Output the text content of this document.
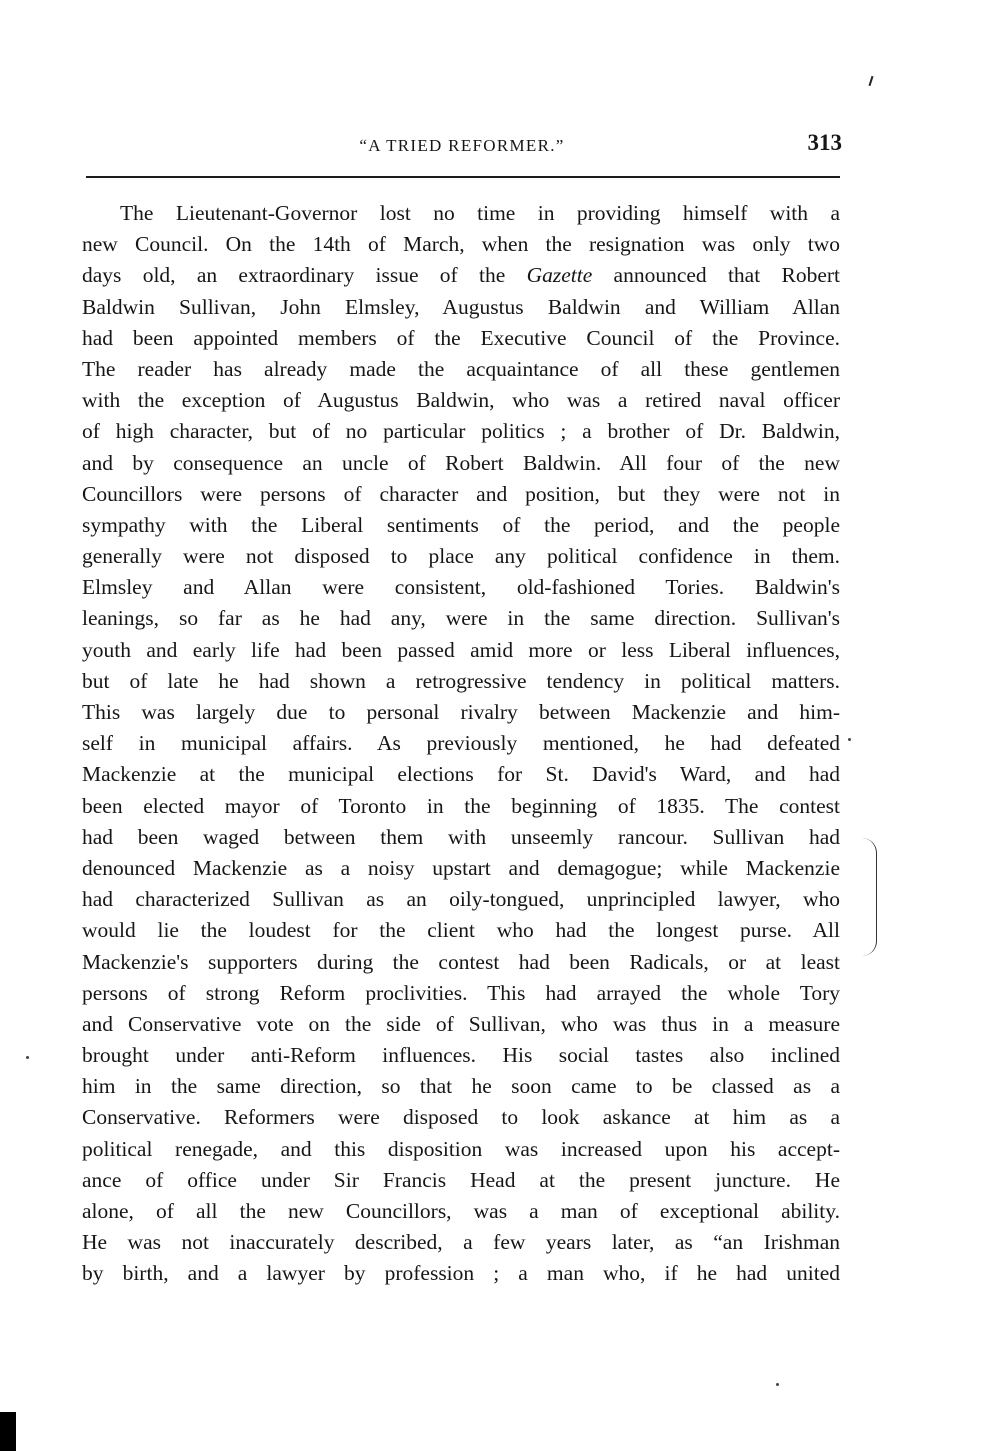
“A TRIED REFORMER.”	313
The Lieutenant-Governor lost no time in providing himself with a
new Council. On the 14th of March, when the resignation was only two
days old, an extraordinary issue of the Gazette announced that Robert
Baldwin Sullivan, John Elmsley, Augustus Baldwin and William Allan
had been appointed members of the Executive Council of the Province.
The reader has already made the acquaintance of all these gentlemen
with the exception of Augustus Baldwin, who was a retired naval officer
of high character, but of no particular politics ; a brother of Dr. Baldwin,
and by consequence an uncle of Robert Baldwin. All four of the new
Councillors were persons of character and position, but they were not in
sympathy with the Liberal sentiments of the period, and the people
generally were not disposed to place any political confidence in them.
Elmsley and Allan were consistent, old-fashioned Tories. Baldwin's
leanings, so far as he had any, were in the same direction. Sullivan's
youth and early life had been passed amid more or less Liberal influences,
but of late he had shown a retrogressive tendency in political matters.
This was largely due to personal rivalry between Mackenzie and him-
self in municipal affairs. As previously mentioned, he had defeated
Mackenzie at the municipal elections for St. David's Ward, and had
been elected mayor of Toronto in the beginning of 1835. The contest
had been waged between them with unseemly rancour. Sullivan had
denounced Mackenzie as a noisy upstart and demagogue; while Mackenzie
had characterized Sullivan as an oily-tongued, unprincipled lawyer, who
would lie the loudest for the client who had the longest purse. All
Mackenzie's supporters during the contest had been Radicals, or at least
persons of strong Reform proclivities. This had arrayed the whole Tory
and Conservative vote on the side of Sullivan, who was thus in a measure
brought under anti-Reform influences. His social tastes also inclined
him in the same direction, so that he soon came to be classed as a
Conservative. Reformers were disposed to look askance at him as a
political renegade, and this disposition was increased upon his accept-
ance of office under Sir Francis Head at the present juncture. He
alone, of all the new Councillors, was a man of exceptional ability.
He was not inaccurately described, a few years later, as “an Irishman
by birth, and a lawyer by profession ; a man who, if he had united
